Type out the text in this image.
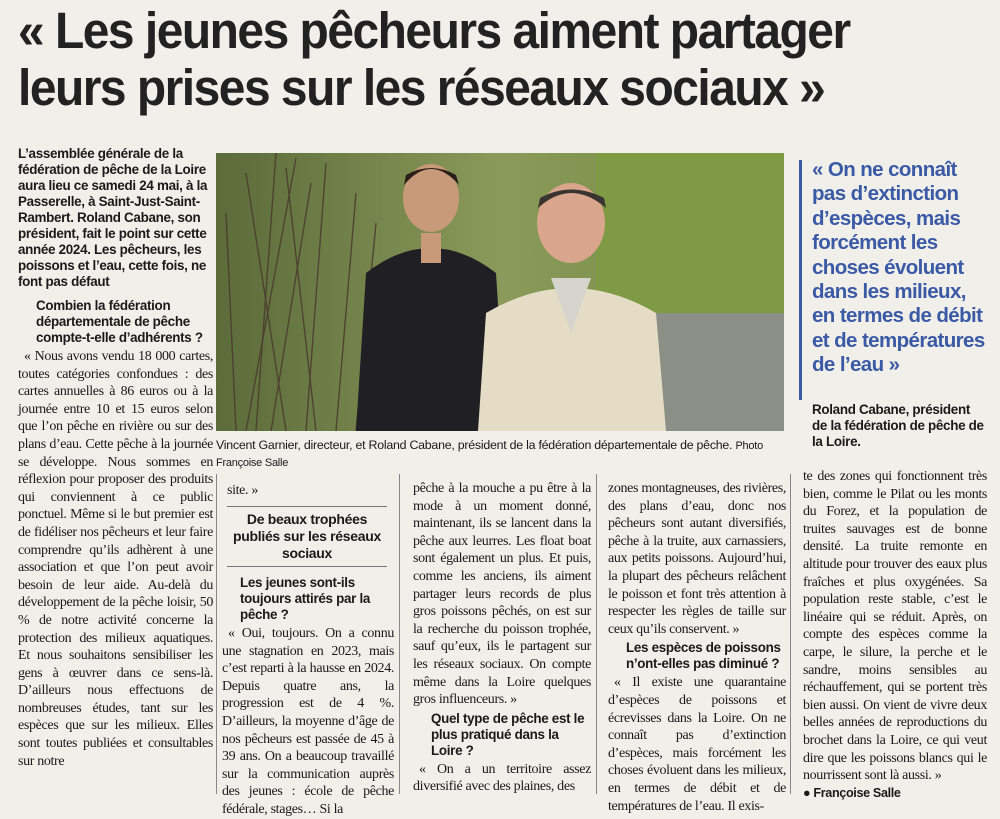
« Les jeunes pêcheurs aiment partager leurs prises sur les réseaux sociaux »

L’assemblée générale de la fédération de pêche de la Loire aura lieu ce samedi 24 mai, à la Passerelle, à Saint-Just-Saint-Rambert. Roland Cabane, son président, fait le point sur cette année 2024. Les pêcheurs, les poissons et l’eau, cette fois, ne font pas défaut

Combien la fédération départementale de pêche compte-t-elle d’adhérents ?

« Nous avons vendu 18 000 cartes, toutes catégories confondues : des cartes annuelles à 86 euros ou à la journée entre 10 et 15 euros selon que l’on pêche en rivière ou sur des plans d’eau. Cette pêche à la journée se développe. Nous sommes en réflexion pour proposer des produits qui conviennent à ce public ponctuel. Même si le but premier est de fidéliser nos pêcheurs et leur faire comprendre qu’ils adhèrent à une association et que l’on peut avoir besoin de leur aide. Au-delà du développement de la pêche loisir, 50 % de notre activité concerne la protection des milieux aquatiques. Et nous souhaitons sensibiliser les gens à œuvrer dans ce sens-là. D’ailleurs nous effectuons de nombreuses études, tant sur les espèces que sur les milieux. Elles sont toutes publiées et consultables sur notre

Vincent Garnier, directeur, et Roland Cabane, président de la fédération départementale de pêche. Photo Françoise Salle

« On ne connaît pas d’extinction d’espèces, mais forcément les choses évoluent dans les milieux, en termes de débit et de températures de l’eau »

Roland Cabane, président de la fédération de pêche de la Loire.

site. »

De beaux trophées publiés sur les réseaux sociaux

Les jeunes sont-ils toujours attirés par la pêche ?

« Oui, toujours. On a connu une stagnation en 2023, mais c’est reparti à la hausse en 2024. Depuis quatre ans, la progression est de 4 %. D’ailleurs, la moyenne d’âge de nos pêcheurs est passée de 45 à 39 ans. On a beaucoup travaillé sur la communication auprès des jeunes : école de pêche fédérale, stages… Si la

pêche à la mouche a pu être à la mode à un moment donné, maintenant, ils se lancent dans la pêche aux leurres. Les float boat sont également un plus. Et puis, comme les anciens, ils aiment partager leurs records de plus gros poissons pêchés, on est sur la recherche du poisson trophée, sauf qu’eux, ils le partagent sur les réseaux sociaux. On compte même dans la Loire quelques gros influenceurs. »

Quel type de pêche est le plus pratiqué dans la Loire ?

« On a un territoire assez diversifié avec des plaines, des

zones montagneuses, des rivières, des plans d’eau, donc nos pêcheurs sont autant diversifiés, pêche à la truite, aux carnassiers, aux petits poissons. Aujourd’hui, la plupart des pêcheurs relâchent le poisson et font très attention à respecter les règles de taille sur ceux qu’ils conservent. »

Les espèces de poissons n’ont-elles pas diminué ?

« Il existe une quarantaine d’espèces de poissons et écrevisses dans la Loire. On ne connaît pas d’extinction d’espèces, mais forcément les choses évoluent dans les milieux, en termes de débit et de températures de l’eau. Il exis-

te des zones qui fonctionnent très bien, comme le Pilat ou les monts du Forez, et la population de truites sauvages est de bonne densité. La truite remonte en altitude pour trouver des eaux plus fraîches et plus oxygénées. Sa population reste stable, c’est le linéaire qui se réduit. Après, on compte des espèces comme la carpe, le silure, la perche et le sandre, moins sensibles au réchauffement, qui se portent très bien aussi. On vient de vivre deux belles années de reproductions du brochet dans la Loire, ce qui veut dire que les poissons blancs qui le nourrissent sont là aussi. »

● Françoise Salle
